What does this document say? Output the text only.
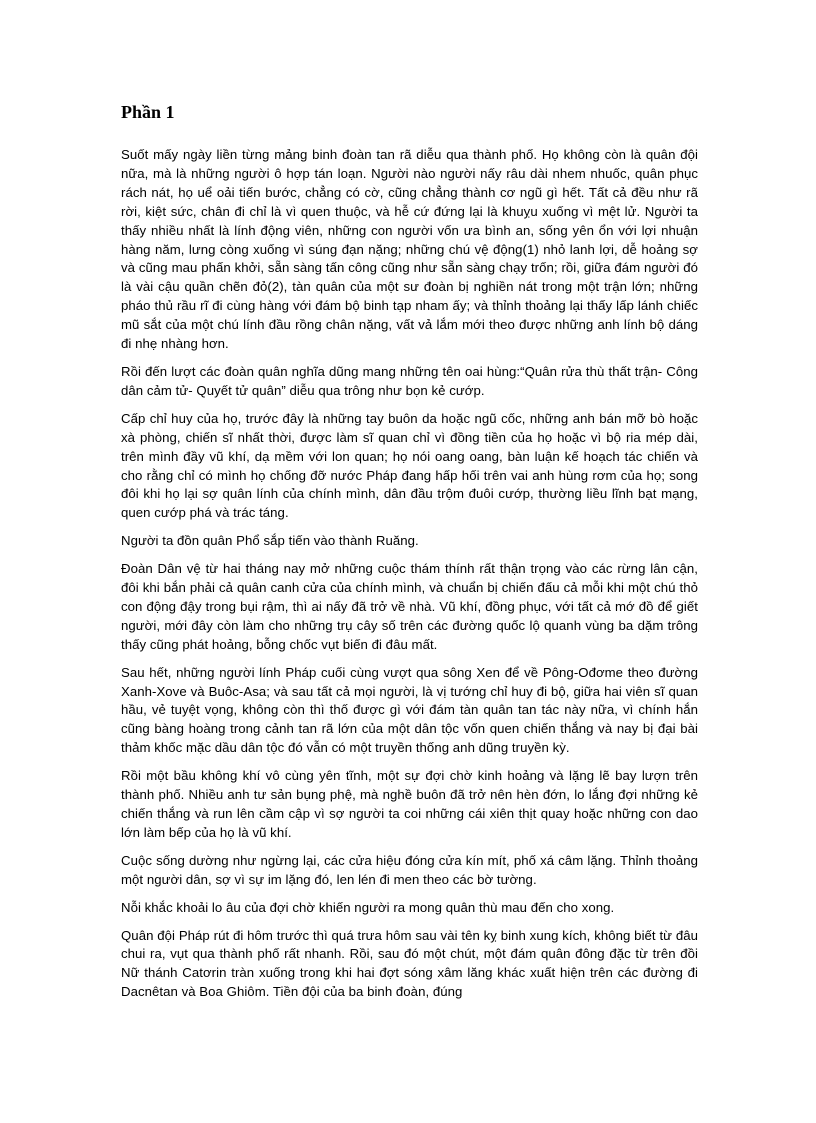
Phần 1

Suốt mấy ngày liền từng mảng binh đoàn tan rã diễu qua thành phố. Họ không còn là quân đội nữa, mà là những người ô hợp tán loạn. Người nào người nấy râu dài nhem nhuốc, quân phục rách nát, họ uể oải tiến bước, chẳng có cờ, cũng chẳng thành cơ ngũ gì hết. Tất cả đều như rã rời, kiệt sức, chân đi chỉ là vì quen thuộc, và hễ cứ đứng lại là khuỵu xuống vì mệt lử. Người ta thấy nhiều nhất là lính động viên, những con người vốn ưa bình an, sống yên ổn với lợi nhuận hàng năm, lưng còng xuống vì súng đạn nặng; những chú vệ động(1) nhỏ lanh lợi, dễ hoảng sợ và cũng mau phấn khởi, sẵn sàng tấn công cũng như sẵn sàng chạy trốn; rồi, giữa đám người đó là vài cậu quần chẽn đỏ(2), tàn quân của một sư đoàn bị nghiền nát trong một trận lớn; những pháo thủ rầu rĩ đi cùng hàng với đám bộ binh tạp nham ấy; và thỉnh thoảng lại thấy lấp lánh chiếc mũ sắt của một chú lính đầu rồng chân nặng, vất vả lắm mới theo được những anh lính bộ dáng đi nhẹ nhàng hơn.

Rồi đến lượt các đoàn quân nghĩa dũng mang những tên oai hùng:“Quân rửa thù thất trận- Công dân cảm tử- Quyết tử quân” diễu qua trông như bọn kẻ cướp.

Cấp chỉ huy của họ, trước đây là những tay buôn da hoặc ngũ cốc, những anh bán mỡ bò hoặc xà phòng, chiến sĩ nhất thời, được làm sĩ quan chỉ vì đồng tiền của họ hoặc vì bộ ria mép dài, trên mình đầy vũ khí, dạ mềm với lon quan; họ nói oang oang, bàn luận kế hoạch tác chiến và cho rằng chỉ có mình họ chống đỡ nước Pháp đang hấp hối trên vai anh hùng rơm của họ; song đôi khi họ lại sợ quân lính của chính mình, dân đầu trộm đuôi cướp, thường liều lĩnh bạt mạng, quen cướp phá và trác táng.

Người ta đồn quân Phổ sắp tiến vào thành Ruăng.

Đoàn Dân vệ từ hai tháng nay mở những cuộc thám thính rất thận trọng vào các rừng lân cận, đôi khi bắn phải cả quân canh cửa của chính mình, và chuẩn bị chiến đấu cả mỗi khi một chú thỏ con động đậy trong bụi rậm, thì ai nấy đã trở về nhà. Vũ khí, đồng phục, với tất cả mớ đồ để giết người, mới đây còn làm cho những trụ cây số trên các đường quốc lộ quanh vùng ba dặm trông thấy cũng phát hoảng, bỗng chốc vụt biến đi đâu mất.

Sau hết, những người lính Pháp cuối cùng vượt qua sông Xen để về Pông-Ođơme theo đường Xanh-Xove và Buôc-Asa; và sau tất cả mọi người, là vị tướng chỉ huy đi bộ, giữa hai viên sĩ quan hầu, vẻ tuyệt vọng, không còn thì thố được gì với đám tàn quân tan tác này nữa, vì chính hắn cũng bàng hoàng trong cảnh tan rã lớn của một dân tộc vốn quen chiến thắng và nay bị đại bài thảm khốc mặc dầu dân tộc đó vẫn có một truyền thống anh dũng truyền kỳ.

Rồi một bầu không khí vô cùng yên tĩnh, một sự đợi chờ kinh hoảng và lặng lẽ bay lượn trên thành phố. Nhiều anh tư sản bụng phệ, mà nghề buôn đã trở nên hèn đớn, lo lắng đợi những kẻ chiến thắng và run lên cầm cập vì sợ người ta coi những cái xiên thịt quay hoặc những con dao lớn làm bếp của họ là vũ khí.

Cuộc sống dường như ngừng lại, các cửa hiệu đóng cửa kín mít, phố xá câm lặng. Thỉnh thoảng một người dân, sợ vì sự im lặng đó, len lén đi men theo các bờ tường.

Nỗi khắc khoải lo âu của đợi chờ khiến người ra mong quân thù mau đến cho xong.

Quân đội Pháp rút đi hôm trước thì quá trưa hôm sau vài tên kỵ binh xung kích, không biết từ đâu chui ra, vụt qua thành phố rất nhanh. Rồi, sau đó một chút, một đám quân đông đặc từ trên đồi Nữ thánh Catơrin tràn xuống trong khi hai đợt sóng xâm lăng khác xuất hiện trên các đường đi Dacnêtan và Boa Ghiôm. Tiền đội của ba binh đoàn, đúng
